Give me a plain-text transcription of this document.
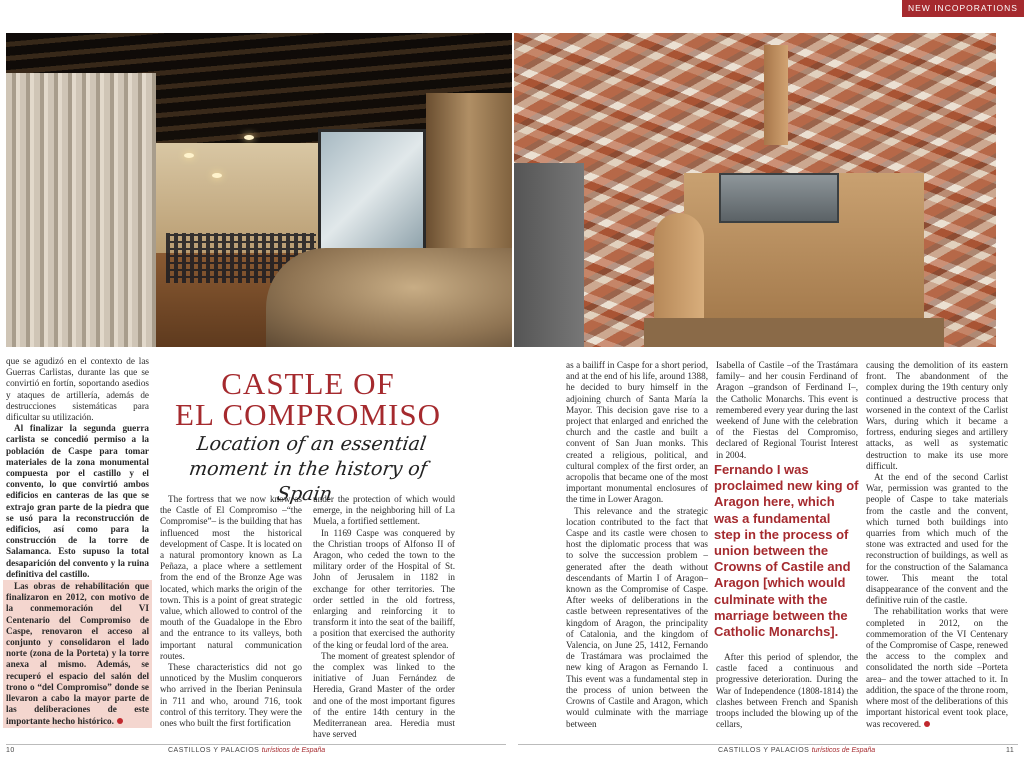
NEW INCOPORATIONS

que se agudizó en el contexto de las Guerras Carlistas, durante las que se convirtió en fortín, soportando asedios y ataques de artillería, además de destrucciones sistemáticas para dificultar su utilización.

Al finalizar la segunda guerra carlista se concedió permiso a la población de Caspe para tomar materiales de la zona monumental compuesta por el castillo y el convento, lo que convirtió ambos edificios en canteras de las que se extrajo gran parte de la piedra que se usó para la reconstrucción de edificios, así como para la construcción de la torre de Salamanca. Esto supuso la total desaparición del convento y la ruina definitiva del castillo.

Las obras de rehabilitación que finalizaron en 2012, con motivo de la conmemoración del VI Centenario del Compromiso de Caspe, renovaron el acceso al conjunto y consolidaron el lado norte (zona de la Porteta) y la torre anexa al mismo. Además, se recuperó el espacio del salón del trono o “del Compromiso” donde se llevaron a cabo la mayor parte de las deliberaciones de este importante hecho histórico.

CASTLE OF
EL COMPROMISO
Location of an essential
moment in the history of Spain

The fortress that we now know as the Castle of El Compromiso –“the Compromise”– is the building that has influenced most the historical development of Caspe. It is located on a natural promontory known as La Peñaza, a place where a settlement from the end of the Bronze Age was located, which marks the origin of the town. This is a point of great strategic value, which allowed to control of the mouth of the Guadalope in the Ebro and the entrance to its valleys, both important natural communication routes.

These characteristics did not go unnoticed by the Muslim conquerors who arrived in the Iberian Peninsula in 711 and who, around 716, took control of this territory. They were the ones who built the first fortification

under the protection of which would emerge, in the neighboring hill of La Muela, a fortified settlement.

In 1169 Caspe was conquered by the Christian troops of Alfonso II of Aragon, who ceded the town to the military order of the Hospital of St. John of Jerusalem in 1182 in exchange for other territories. The order settled in the old fortress, enlarging and reinforcing it to transform it into the seat of the bailiff, a position that exercised the authority of the king or feudal lord of the area.

The moment of greatest splendor of the complex was linked to the initiative of Juan Fernández de Heredia, Grand Master of the order and one of the most important figures of the entire 14th century in the Mediterranean area. Heredia must have served

as a bailiff in Caspe for a short period, and at the end of his life, around 1388, he decided to bury himself in the adjoining church of Santa María la Mayor. This decision gave rise to a project that enlarged and enriched the church and the castle and built a convent of San Juan monks. This created a religious, political, and cultural complex of the first order, an acropolis that became one of the most important monumental enclosures of the time in Lower Aragon.

This relevance and the strategic location contributed to the fact that Caspe and its castle were chosen to host the diplomatic process that was to solve the succession problem –generated after the death without descendants of Martin I of Aragon– known as the Compromise of Caspe. After weeks of deliberations in the castle between representatives of the kingdom of Aragon, the principality of Catalonia, and the kingdom of Valencia, on June 25, 1412, Fernando de Trastámara was proclaimed the new king of Aragon as Fernando I. This event was a fundamental step in the process of union between the Crowns of Castile and Aragon, which would culminate with the marriage between

Isabella of Castile –of the Trastámara family– and her cousin Ferdinand of Aragon –grandson of Ferdinand I–, the Catholic Monarchs. This event is remembered every year during the last weekend of June with the celebration of the Fiestas del Compromiso, declared of Regional Tourist Interest in 2004.

Fernando I was proclaimed new king of Aragon here, which was a fundamental step in the process of union between the Crowns of Castile and Aragon [which would culminate with the marriage between the Catholic Monarchs].

After this period of splendor, the castle faced a continuous and progressive deterioration. During the War of Independence (1808-1814) the clashes between French and Spanish troops included the blowing up of the cellars,

causing the demolition of its eastern front. The abandonment of the complex during the 19th century only continued a destructive process that worsened in the context of the Carlist Wars, during which it became a fortress, enduring sieges and artillery attacks, as well as systematic destruction to make its use more difficult.

At the end of the second Carlist War, permission was granted to the people of Caspe to take materials from the castle and the convent, which turned both buildings into quarries from which much of the stone was extracted and used for the reconstruction of buildings, as well as for the construction of the Salamanca tower. This meant the total disappearance of the convent and the definitive ruin of the castle.

The rehabilitation works that were completed in 2012, on the commemoration of the VI Centenary of the Compromise of Caspe, renewed the access to the complex and consolidated the north side –Porteta area– and the tower attached to it. In addition, the space of the throne room, where most of the deliberations of this important historical event took place, was recovered.

10	CASTILLOS Y PALACIOS turísticos de España	CASTILLOS Y PALACIOS turísticos de España	11
